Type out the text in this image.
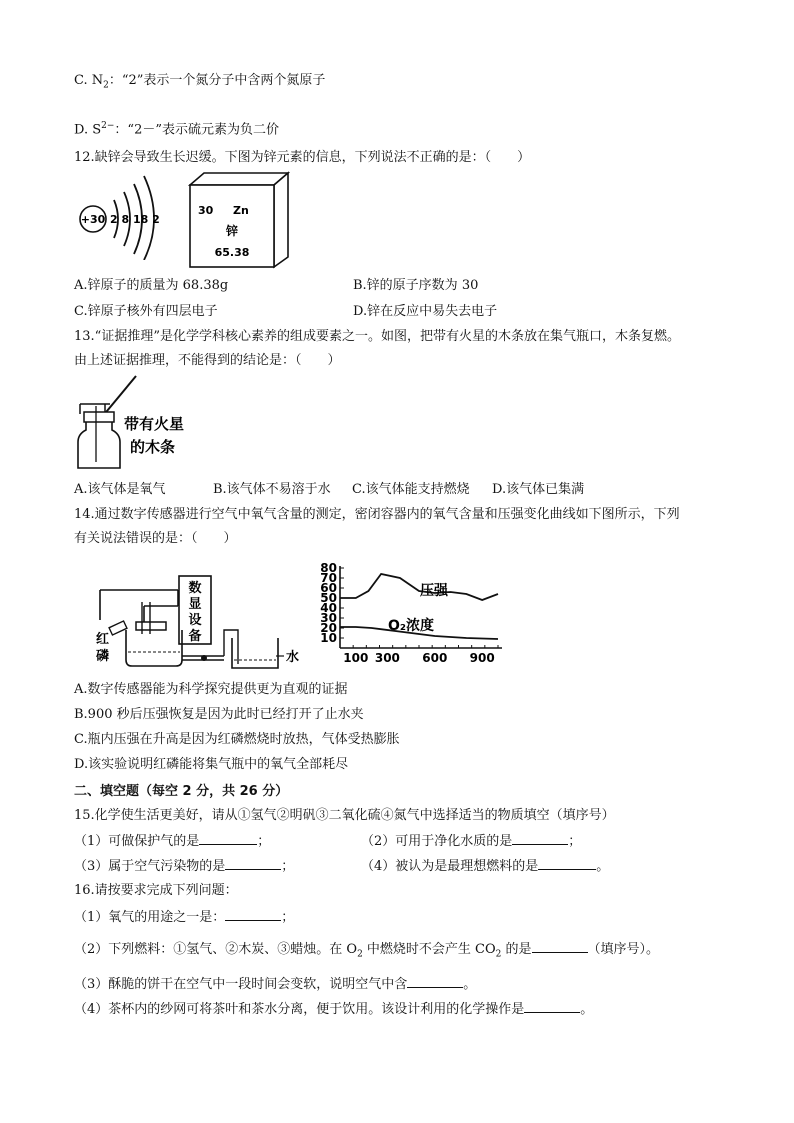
C. $N_2$：“2”表示一个氮分子中含两个氮原子
D. $S^{2-}$：“2－”表示硫元素为负二价
12.缺锌会导致生长迟缓。下图为锌元素的信息，下列说法不正确的是：（　　）
+30 2 8 18 2
30 Zn
锌
65.38
A.锌原子的质量为 68.38g	B.锌的原子序数为 30
C.锌原子核外有四层电子	D.锌在反应中易失去电子
13.“证据推理”是化学学科核心素养的组成要素之一。如图，把带有火星的木条放在集气瓶口，木条复燃。
由上述证据推理，不能得到的结论是：（　　）
带有火星
的木条
A.该气体是氧气	B.该气体不易溶于水 C.该气体能支持燃烧 D.该气体已集满
14.通过数字传感器进行空气中氧气含量的测定，密闭容器内的氧气含量和压强变化曲线如下图所示，下列
有关说法错误的是：（　　）
数
显
设
备
红
磷	水
80
70
60
50
40
30
20
10
100 300 600 900
压强
O₂浓度
A.数字传感器能为科学探究提供更为直观的证据
B.900 秒后压强恢复是因为此时已经打开了止水夹
C.瓶内压强在升高是因为红磷燃烧时放热，气体受热膨胀
D.该实验说明红磷能将集气瓶中的氧气全部耗尽
二、填空题（每空 2 分，共 26 分）
15.化学使生活更美好，请从①氢气②明矾③二氧化硫④氮气中选择适当的物质填空（填序号）
（1）可做保护气的是	；	（2）可用于净化水质的是	；
（3）属于空气污染物的是	；	（4）被认为是最理想燃料的是	。
16.请按要求完成下列问题：
（1）氧气的用途之一是：	；
（2）下列燃料：①氢气、②木炭、③蜡烛。在 $O_2$ 中燃烧时不会产生 $CO_2$ 的是	（填序号）。
（3）酥脆的饼干在空气中一段时间会变软，说明空气中含	。
（4）茶杯内的纱网可将茶叶和茶水分离，便于饮用。该设计利用的化学操作是	。
